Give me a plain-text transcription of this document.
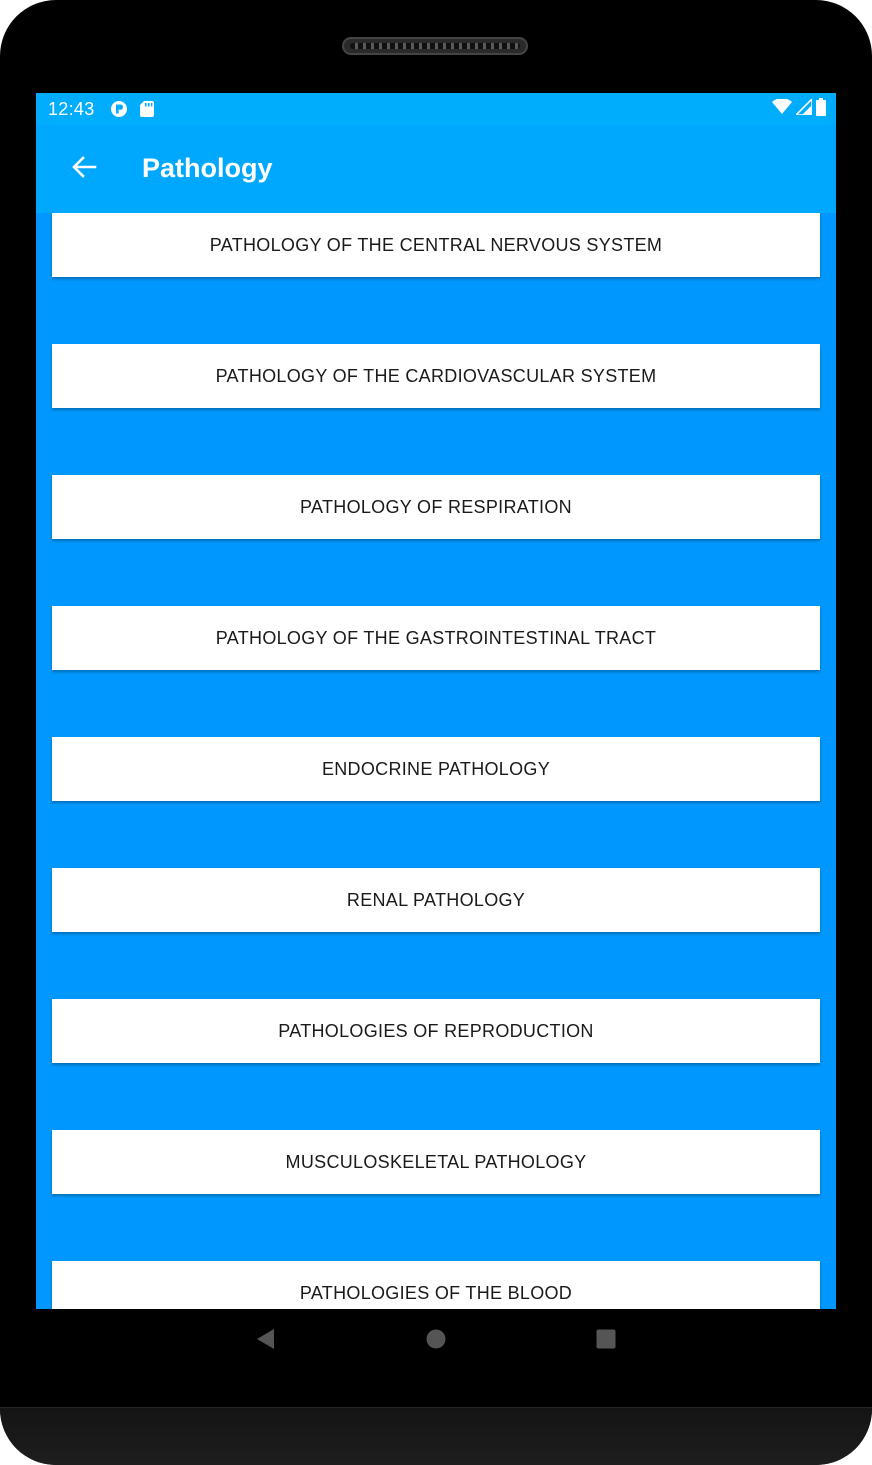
12:43
Pathology
PATHOLOGY OF THE CENTRAL NERVOUS SYSTEM
PATHOLOGY OF THE CARDIOVASCULAR SYSTEM
PATHOLOGY OF RESPIRATION
PATHOLOGY OF THE GASTROINTESTINAL TRACT
ENDOCRINE PATHOLOGY
RENAL PATHOLOGY
PATHOLOGIES OF REPRODUCTION
MUSCULOSKELETAL PATHOLOGY
PATHOLOGIES OF THE BLOOD
